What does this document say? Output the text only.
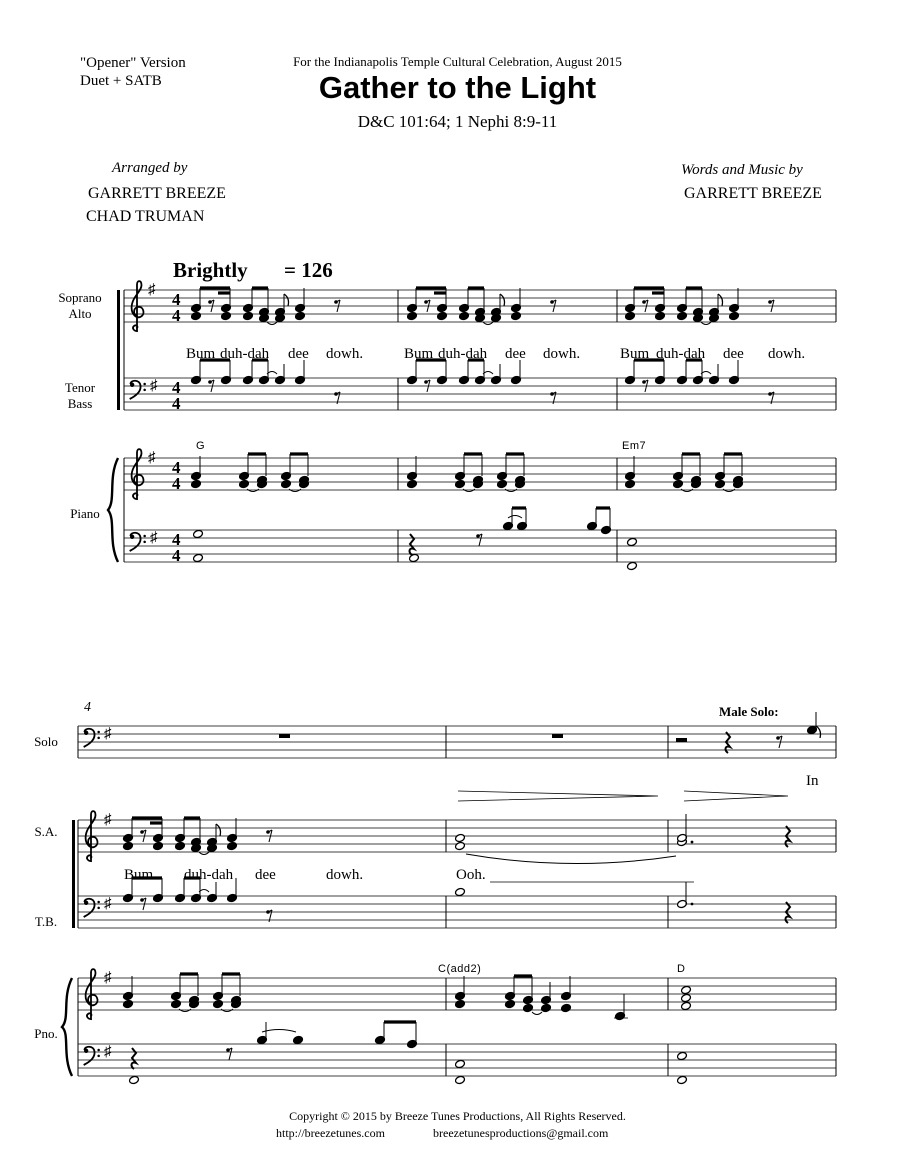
"Opener" Version
Duet + SATB
For the Indianapolis Temple Cultural Celebration, August 2015
Gather to the Light
D&C 101:64; 1 Nephi 8:9-11
Arranged by
GARRETT BREEZE
CHAD TRUMAN
Words and Music by
GARRETT BREEZE
Brightly = 126
Soprano
Alto
Tenor
Bass
Piano
Bum duh-dah dee dowh.	Bum duh-dah dee dowh.	Bum duh-dah dee dowh.
G	Em7
4
Solo
S.A.
T.B.
Pno.
Male Solo:
In
Bum duh-dah dee	dowh.	Ooh.
C(add2)	D
Copyright © 2015 by Breeze Tunes Productions, All Rights Reserved.
http://breezetunes.com	breezetunesproductions@gmail.com
♯ 4
4
♯ 4
4
♯ 4
4
♯ 4
4
♯
♯
♯
♯
♯
